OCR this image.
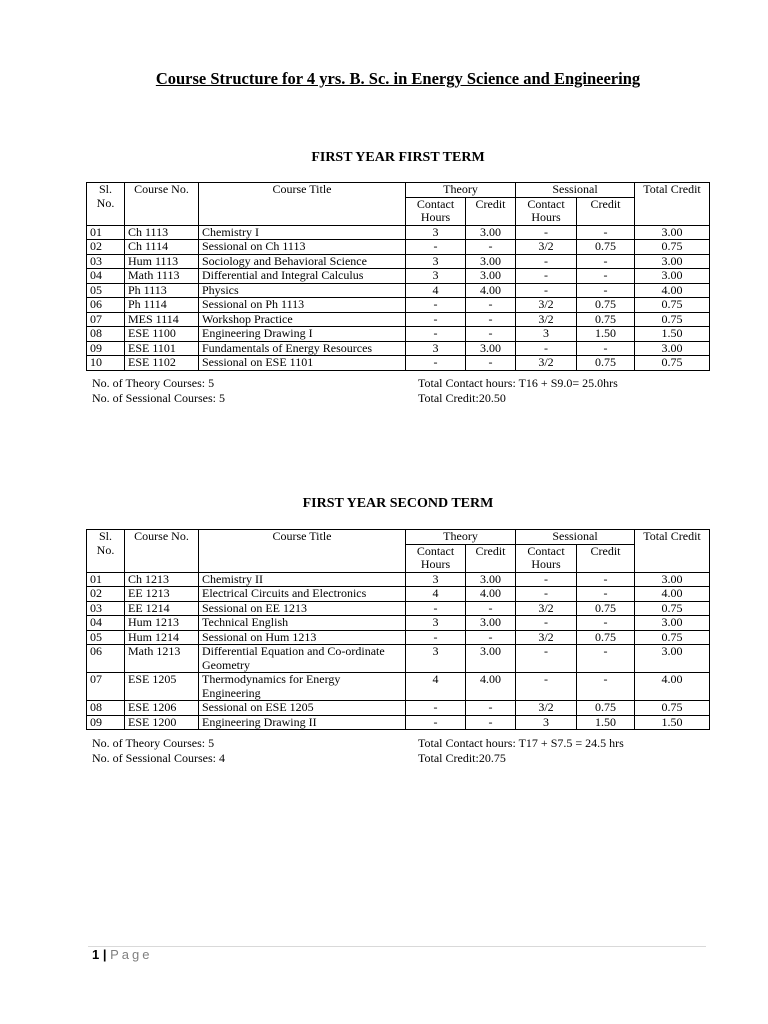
Course Structure for 4 yrs. B. Sc. in Energy Science and Engineering
FIRST YEAR FIRST TERM
Sl. No.	Course No.	Course Title	Theory		Sessional		Total Credit
			Contact Hours	Credit	Contact Hours	Credit	
01	Ch 1113	Chemistry I	3	3.00	-	-	3.00
02	Ch 1114	Sessional on Ch 1113	-	-	3/2	0.75	0.75
03	Hum 1113	Sociology and Behavioral Science	3	3.00	-	-	3.00
04	Math 1113	Differential and Integral Calculus	3	3.00	-	-	3.00
05	Ph 1113	Physics	4	4.00	-	-	4.00
06	Ph 1114	Sessional on Ph 1113	-	-	3/2	0.75	0.75
07	MES 1114	Workshop Practice	-	-	3/2	0.75	0.75
08	ESE 1100	Engineering Drawing I	-	-	3	1.50	1.50
09	ESE 1101	Fundamentals of Energy Resources	3	3.00	-	-	3.00
10	ESE 1102	Sessional on ESE 1101	-	-	3/2	0.75	0.75
No. of Theory Courses: 5	Total Contact hours: T16 + S9.0= 25.0hrs
No. of Sessional Courses: 5	Total Credit:20.50
FIRST YEAR SECOND TERM
Sl. No.	Course No.	Course Title	Theory		Sessional		Total Credit
			Contact Hours	Credit	Contact Hours	Credit	
01	Ch 1213	Chemistry II	3	3.00	-	-	3.00
02	EE 1213	Electrical Circuits and Electronics	4	4.00	-	-	4.00
03	EE 1214	Sessional on EE 1213	-	-	3/2	0.75	0.75
04	Hum 1213	Technical English	3	3.00	-	-	3.00
05	Hum 1214	Sessional on Hum 1213	-	-	3/2	0.75	0.75
06	Math 1213	Differential Equation and Co-ordinate Geometry	3	3.00	-	-	3.00
07	ESE 1205	Thermodynamics for Energy Engineering	4	4.00	-	-	4.00
08	ESE 1206	Sessional on ESE 1205	-	-	3/2	0.75	0.75
09	ESE 1200	Engineering Drawing II	-	-	3	1.50	1.50
No. of Theory Courses: 5	Total Contact hours: T17 + S7.5 = 24.5 hrs
No. of Sessional Courses: 4	Total Credit:20.75
1 | Page
